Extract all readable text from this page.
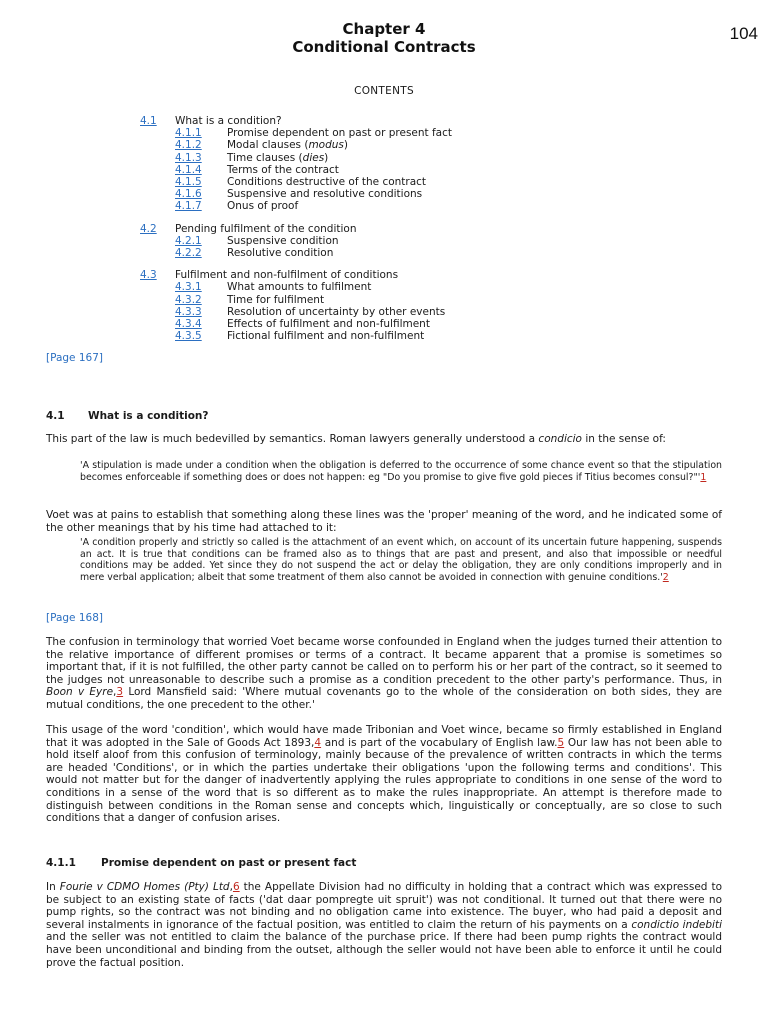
104
Chapter 4
Conditional Contracts
CONTENTS
4.1	What is a condition?
4.1.1	Promise dependent on past or present fact
4.1.2	Modal clauses (modus)
4.1.3	Time clauses (dies)
4.1.4	Terms of the contract
4.1.5	Conditions destructive of the contract
4.1.6	Suspensive and resolutive conditions
4.1.7	Onus of proof
4.2	Pending fulfilment of the condition
4.2.1	Suspensive condition
4.2.2	Resolutive condition
4.3	Fulfilment and non-fulfilment of conditions
4.3.1	What amounts to fulfilment
4.3.2	Time for fulfilment
4.3.3	Resolution of uncertainty by other events
4.3.4	Effects of fulfilment and non-fulfilment
4.3.5	Fictional fulfilment and non-fulfilment
[Page 167]
4.1	What is a condition?

This part of the law is much bedevilled by semantics. Roman lawyers generally understood a condicio in the sense of:

'A stipulation is made under a condition when the obligation is deferred to the occurrence of some chance event so that the stipulation becomes enforceable if something does or does not happen: eg "Do you promise to give five gold pieces if Titius becomes consul?"'1

Voet was at pains to establish that something along these lines was the 'proper' meaning of the word, and he indicated some of the other meanings that by his time had attached to it:

'A condition properly and strictly so called is the attachment of an event which, on account of its uncertain future happening, suspends an act. It is true that conditions can be framed also as to things that are past and present, and also that impossible or needful conditions may be added. Yet since they do not suspend the act or delay the obligation, they are only conditions improperly and in mere verbal application; albeit that some treatment of them also cannot be avoided in connection with genuine conditions.'2

[Page 168]

The confusion in terminology that worried Voet became worse confounded in England when the judges turned their attention to the relative importance of different promises or terms of a contract. It became apparent that a promise is sometimes so important that, if it is not fulfilled, the other party cannot be called on to perform his or her part of the contract, so it seemed to the judges not unreasonable to describe such a promise as a condition precedent to the other party's performance. Thus, in Boon v Eyre,3 Lord Mansfield said: 'Where mutual covenants go to the whole of the consideration on both sides, they are mutual conditions, the one precedent to the other.'

This usage of the word 'condition', which would have made Tribonian and Voet wince, became so firmly established in England that it was adopted in the Sale of Goods Act 1893,4 and is part of the vocabulary of English law.5 Our law has not been able to hold itself aloof from this confusion of terminology, mainly because of the prevalence of written contracts in which the terms are headed 'Conditions', or in which the parties undertake their obligations 'upon the following terms and conditions'. This would not matter but for the danger of inadvertently applying the rules appropriate to conditions in one sense of the word to conditions in a sense of the word that is so different as to make the rules inappropriate. An attempt is therefore made to distinguish between conditions in the Roman sense and concepts which, linguistically or conceptually, are so close to such conditions that a danger of confusion arises.

4.1.1	Promise dependent on past or present fact

In Fourie v CDMO Homes (Pty) Ltd,6 the Appellate Division had no difficulty in holding that a contract which was expressed to be subject to an existing state of facts ('dat daar pompregte uit spruit') was not conditional. It turned out that there were no pump rights, so the contract was not binding and no obligation came into existence. The buyer, who had paid a deposit and several instalments in ignorance of the factual position, was entitled to claim the return of his payments on a condictio indebiti and the seller was not entitled to claim the balance of the purchase price. If there had been pump rights the contract would have been unconditional and binding from the outset, although the seller would not have been able to enforce it until he could prove the factual position.
